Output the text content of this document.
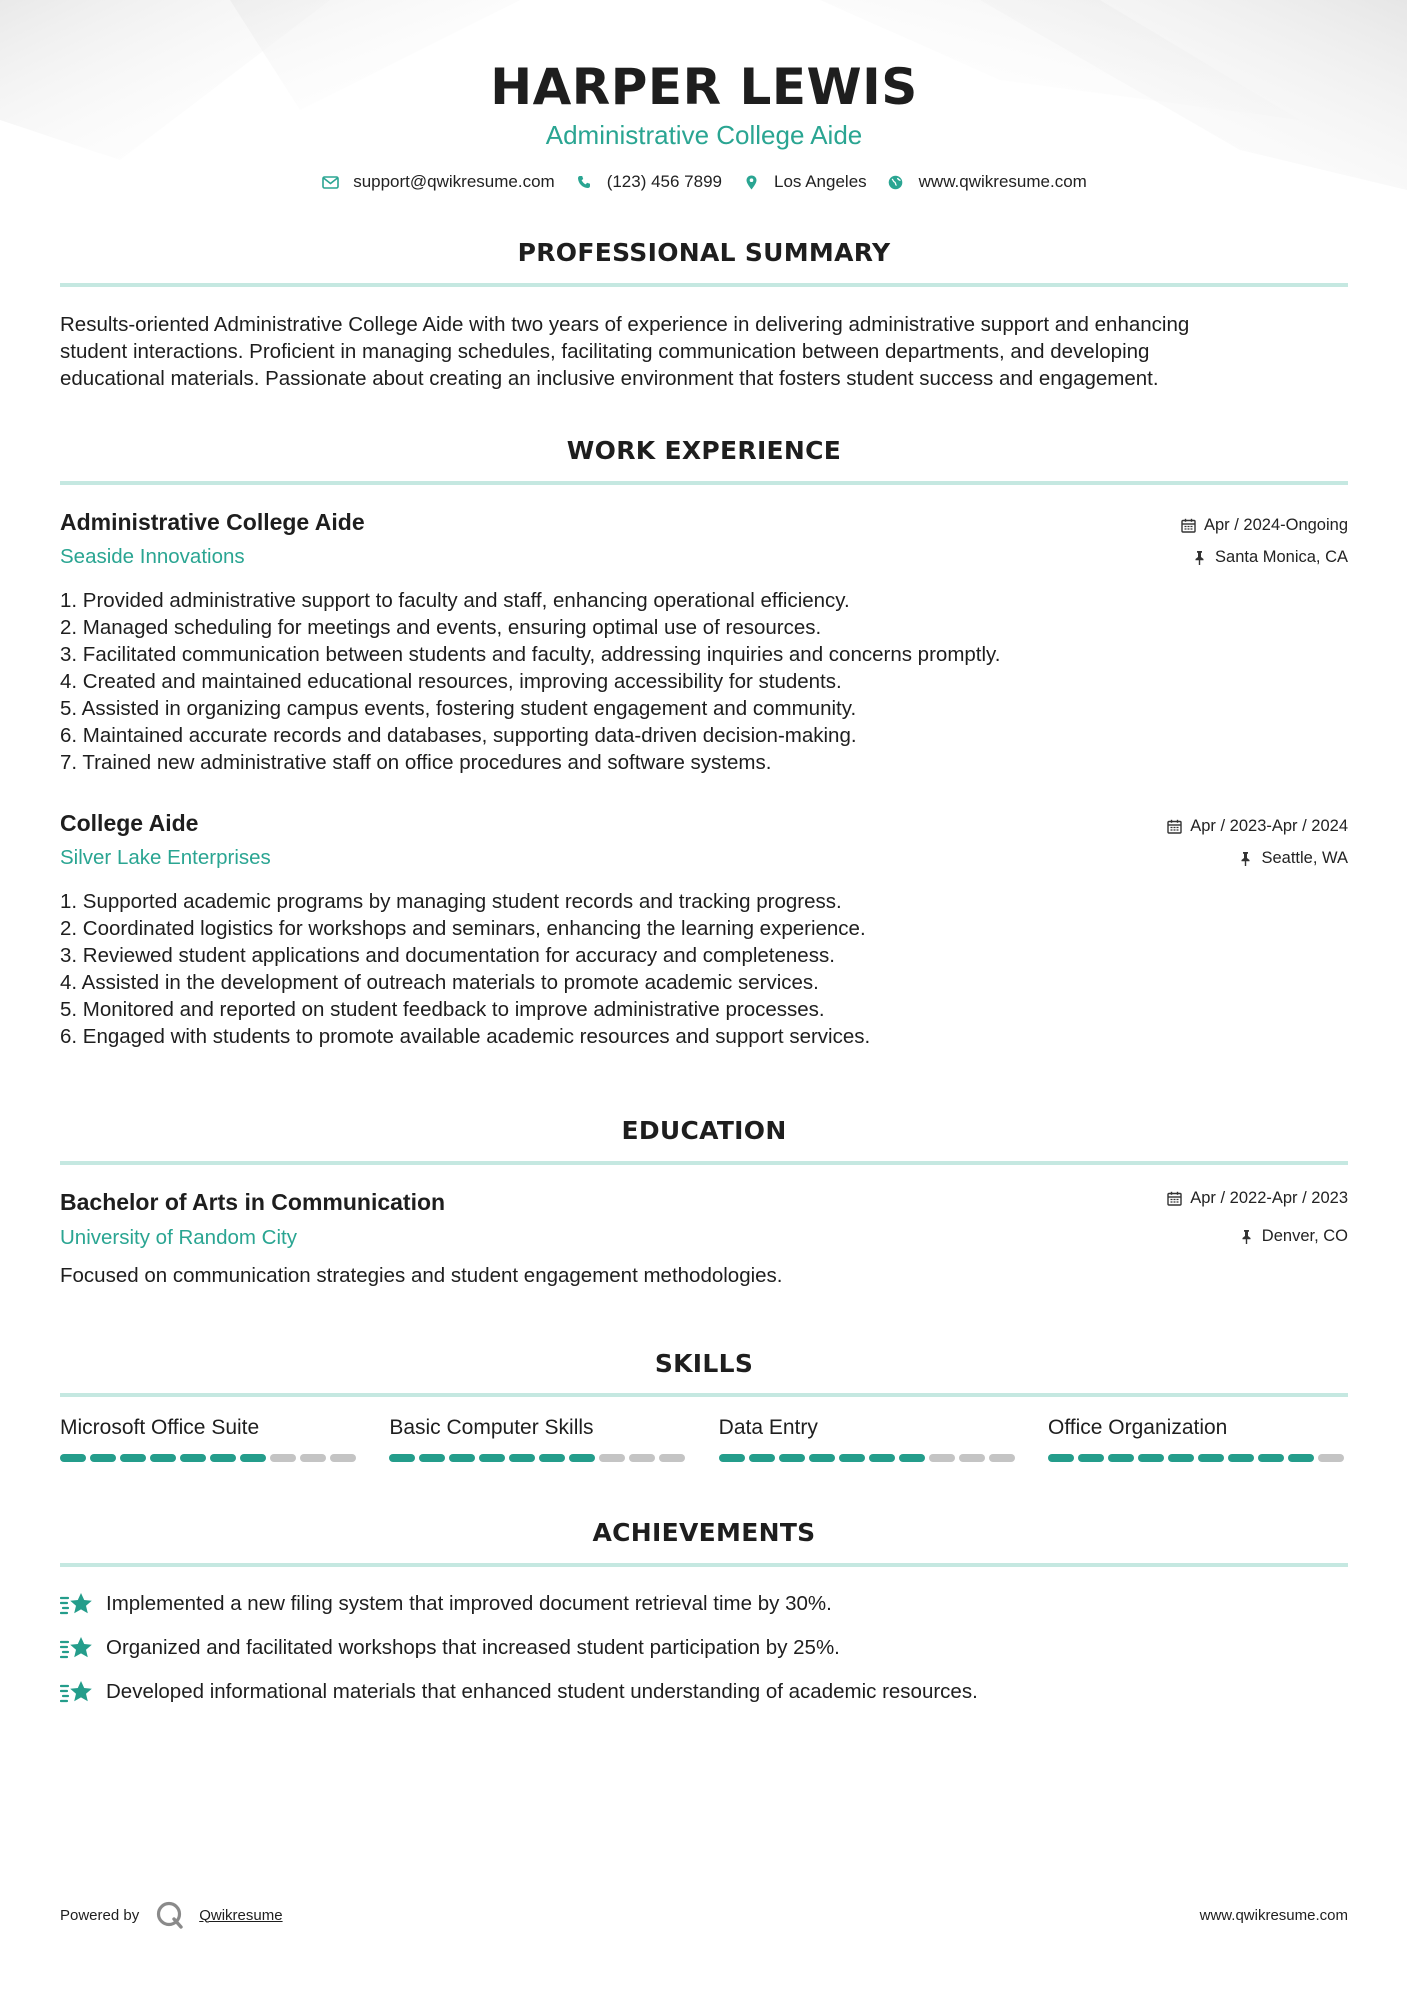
HARPER LEWIS
Administrative College Aide
support@qwikresume.com	(123) 456 7899	Los Angeles	www.qwikresume.com
PROFESSIONAL SUMMARY
Results-oriented Administrative College Aide with two years of experience in delivering administrative support and enhancing
student interactions. Proficient in managing schedules, facilitating communication between departments, and developing
educational materials. Passionate about creating an inclusive environment that fosters student success and engagement.
WORK EXPERIENCE
Administrative College Aide
Seaside Innovations
Apr / 2024-Ongoing
Santa Monica, CA
1. Provided administrative support to faculty and staff, enhancing operational efficiency.
2. Managed scheduling for meetings and events, ensuring optimal use of resources.
3. Facilitated communication between students and faculty, addressing inquiries and concerns promptly.
4. Created and maintained educational resources, improving accessibility for students.
5. Assisted in organizing campus events, fostering student engagement and community.
6. Maintained accurate records and databases, supporting data-driven decision-making.
7. Trained new administrative staff on office procedures and software systems.
College Aide
Silver Lake Enterprises
Apr / 2023-Apr / 2024
Seattle, WA
1. Supported academic programs by managing student records and tracking progress.
2. Coordinated logistics for workshops and seminars, enhancing the learning experience.
3. Reviewed student applications and documentation for accuracy and completeness.
4. Assisted in the development of outreach materials to promote academic services.
5. Monitored and reported on student feedback to improve administrative processes.
6. Engaged with students to promote available academic resources and support services.
EDUCATION
Bachelor of Arts in Communication
University of Random City
Apr / 2022-Apr / 2023
Denver, CO
Focused on communication strategies and student engagement methodologies.
SKILLS
Microsoft Office Suite	Basic Computer Skills	Data Entry	Office Organization
ACHIEVEMENTS
Implemented a new filing system that improved document retrieval time by 30%.
Organized and facilitated workshops that increased student participation by 25%.
Developed informational materials that enhanced student understanding of academic resources.
Powered by	Qwikresume	www.qwikresume.com
